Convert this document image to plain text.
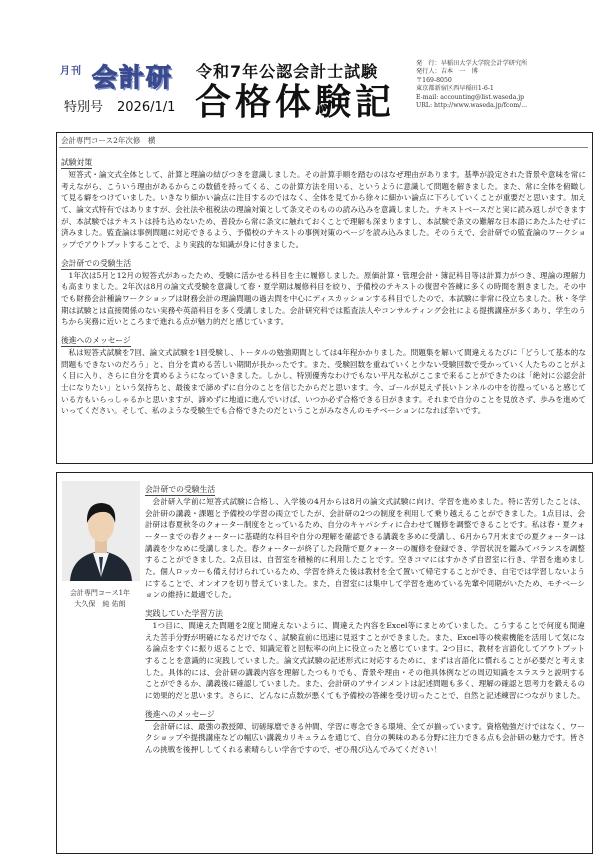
月刊 会計研
特別号 2026/1/1
令和7年公認会計士試験
合格体験記
発　行：早稲田大学大学院会計学研究所
発行人：吉本　一　博
〒169-8050
東京都新宿区西早稲田1-6-1
E-mail: accounting@list.waseda.jp
URL: http://www.waseda.jp/fcom/...
会計専門コース2年次修　横
試験対策

短答式・論文式全体として、計算と理論の結びつきを意識しました。その計算手順を踏むのはなぜ理由があります。基準が設定された背景や意味を常に考えながら、こういう理由があるからこの数値を持ってくる、この計算方法を用いる、というように意識して問題を解きました。また、常に全体を俯瞰して見る癖をつけていました。いきなり細かい論点に注目するのではなく、全体を見てから徐々に細かい論点に下ろしていくことが重要だと思います。加えて、論文式特有ではありますが、会社法や租税法の理論対策として条文そのものの読み込みを意識しました。テキストベースだと実に読み返しができますが、本試験ではテキストは持ち込めないため、普段から常に条文に触れておくことで理解も深まりますし、本試験で条文の難解な日本語にあたふたせずに済みました。監査論は事例問題に対応できるよう、予備校のテキストの事例対策のページを読み込みました。そのうえで、会計研での監査論のワークショップでアウトプットすることで、より実践的な知識が身に付きました。

会計研での受験生活

1年次は5月と12月の短答式があったため、受験に活かせる科目を主に履修しました。原価計算・管理会計・簿記科目等は計算力がつき、理論の理解力も高まりました。2年次は8月の論文式受験を意識して春・夏学期は履修科目を絞り、予備校のテキストの復習や答練に多くの時間を割きました。その中でも財務会計種論ワークショップは財務会計の理論問題の過去問を中心にディスカッションする科目でしたので、本試験に非常に役立ちました。秋・冬学期は試験とは直接関係のない実務や英語科目を多く受講しました。会計研究科では監査法人やコンサルティング会社による提携講座が多くあり、学生のうちから実務に近いところまで進れる点が魅力的だと感じています。

後進へのメッセージ

私は短答式試験を7回、論文式試験を1回受験し、トータルの勉強期間としては4年程かかりました。問題集を解いて間違えるたびに「どうして基本的な問題もできないのだろう」と、自分を責める苦しい期間が長かったです。また、受験回数を重ねていくと少ない受験回数で受かっていく人たちのことがよく目に入り、さらに自分を責めるようになっていきました。しかし、特別優秀なわけでもない平凡な私がここまで来ることができたのは「絶対に公認会計士になりたい」という気持ちと、最後まで諦めずに自分のことを信じたからだと思います。今、ゴールが見えず長いトンネルの中を彷徨っていると感じている方もいらっしゃるかと思いますが、諦めずに地道に進んでいけば、いつか必ず合格できる日がきます。それまで自分のことを見放さず、歩みを進めていってください。そして、私のような受験生でも合格できたのだということがみなさんのモチベーションになれば幸いです。

会計専門コース1年
大久保　純 佑朗
会計研での受験生活

会計研入学前に短答式試験に合格し、入学後の4月からは8月の論文式試験に向け、学習を進めました。特に苦労したことは、会計研の講義・課題と予備校の学習の両立でしたが、会計研の2つの制度を利用して乗り越えることができました。1点目は、会計研は春夏秋冬のクォーター制度をとっているため、自分のキャパシティに合わせて履修を調整できることです。私は春・夏クォーターまでの春クォーターに基礎的な科目や自分の理解を確認できる講義を多めに受講し、6月から7月末までの夏クォーターは講義を少なめに受講しました。春クォーターが終了した段階で夏クォーターの履修を登録でき、学習状況を鑑みてバランスを調整することができました。2点目は、自習室を積極的に利用したことです。空きコマにはすかさず自習室に行き、学習を進めました。個人ロッカーも備え付けられているため、学習を終えた後は教材を全て置いて帰宅することができ、自宅では学習しないようにすることで、オンオフを切り替えていました。また、自習室には集中して学習を進めている先輩や同期がいたため、モチベーションの維持に最適でした。

実践していた学習方法

1つ目に、間違えた問題を2度と間違えないように、間違えた内容をExcel等にまとめていました。こうすることで何度も間違えた苦手分野が明確になるだけでなく、試験直前に迅速に見返すことができました。また、Excel等の検索機能を活用して気になる論点をすぐに振り返ることで、知識定着と回転率の向上に役立ったと感じています。2つ目に、教材を言語化してアウトプットすることを意識的に実践していました。論文式試験の記述形式に対応するために、まずは言語化に慣れることが必要だと考えました。具体的には、会計研の講義内容を理解したつもりでも、背景や理由・その他具体例などの周辺知識をスラスラと説明することができるか、講義後に確認していました。また、会計研のアサインメントは記述問題も多く、理解の確認と思考力を鍛えるのに効果的だと思います。さらに、どんなに点数が悪くても予備校の答練を受け切ったことで、自然と記述練習につながりました。

後進へのメッセージ

会計研には、最強の教授陣、切磋琢磨できる仲間、学習に専念できる環境、全てが揃っています。資格勉強だけではなく、ワークショップや提携講座などの幅広い講義カリキュラムを通じて、自分の興味のある分野に注力できる点も会計研の魅力です。皆さんの挑戦を後押ししてくれる素晴らしい学舎ですので、ぜひ飛び込んでみてください！
